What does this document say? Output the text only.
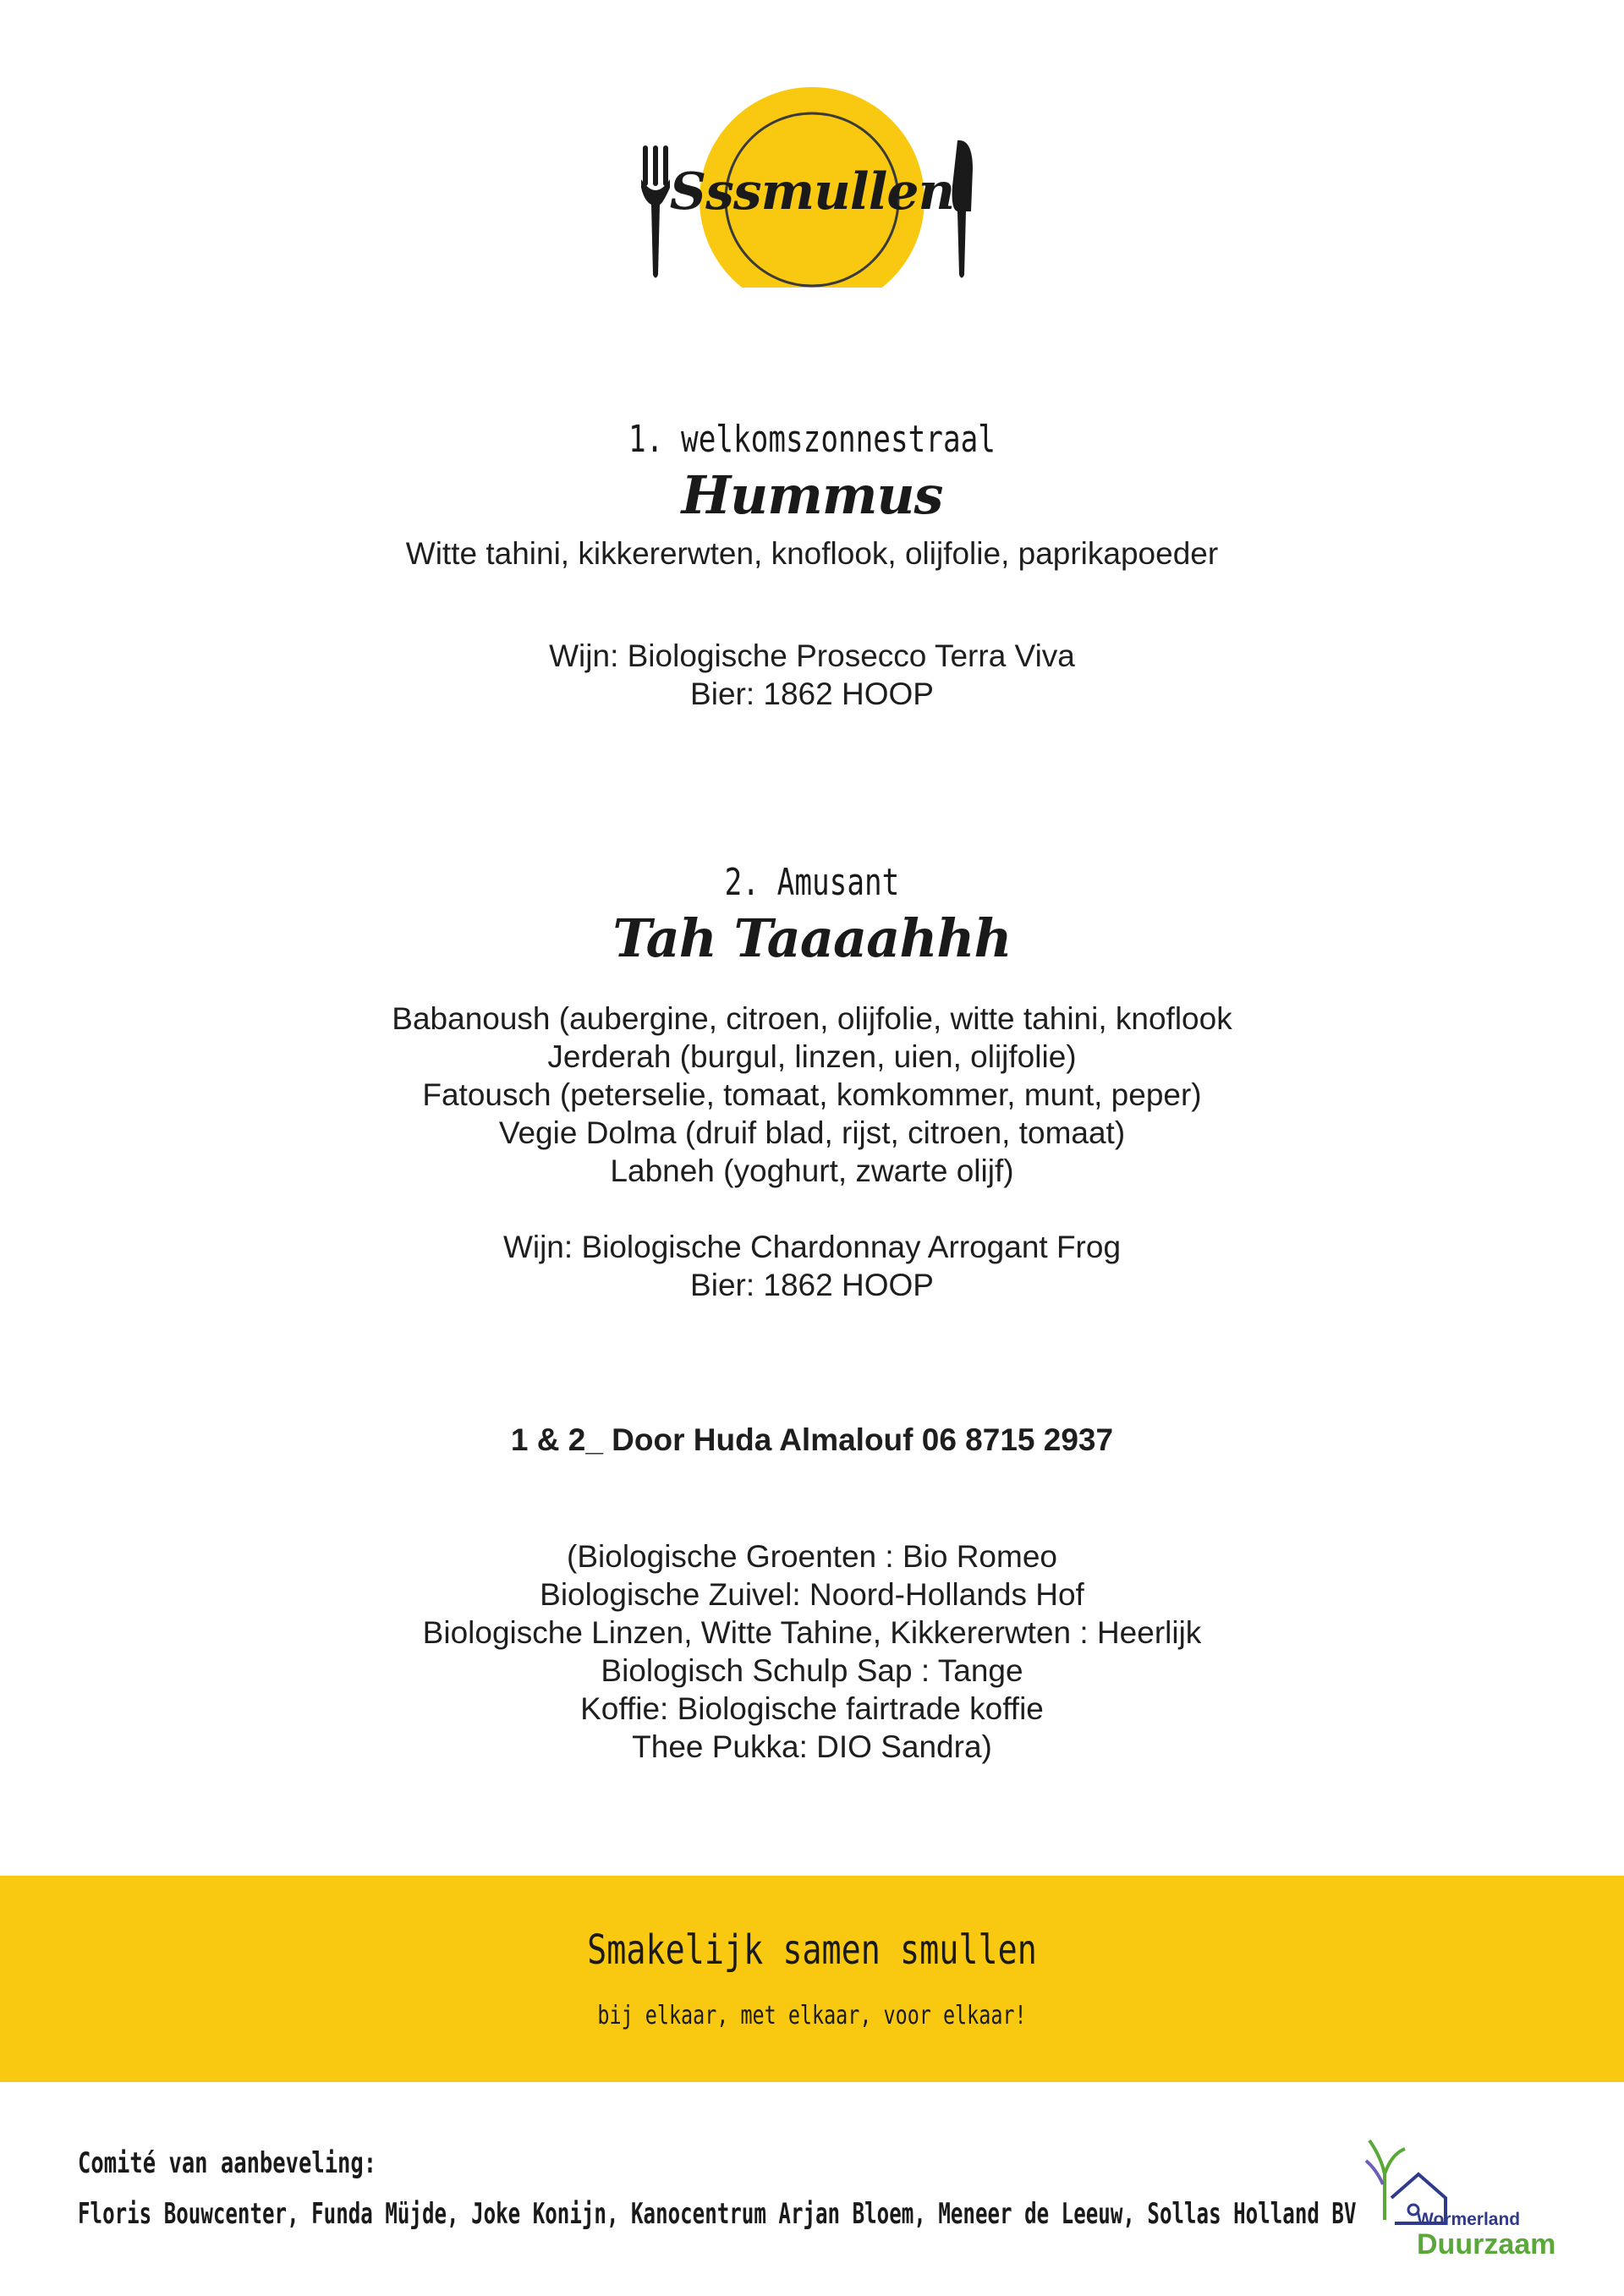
Sssmullen
1. welkomszonnestraal
Hummus
Witte tahini, kikkererwten, knoflook, olijfolie, paprikapoeder
Wijn: Biologische Prosecco Terra Viva
Bier: 1862 HOOP
2. Amusant
Tah Taaaahhh
Babanoush (aubergine, citroen, olijfolie, witte tahini, knoflook
Jerderah (burgul, linzen, uien, olijfolie)
Fatousch (peterselie, tomaat, komkommer, munt, peper)
Vegie Dolma (druif blad, rijst, citroen, tomaat)
Labneh (yoghurt, zwarte olijf)
Wijn: Biologische Chardonnay Arrogant Frog
Bier: 1862 HOOP
1 & 2_ Door Huda Almalouf 06 8715 2937
(Biologische Groenten : Bio Romeo
Biologische Zuivel: Noord-Hollands Hof
Biologische Linzen, Witte Tahine, Kikkererwten : Heerlijk
Biologisch Schulp Sap : Tange
Koffie: Biologische fairtrade koffie
Thee Pukka: DIO Sandra)
Smakelijk samen smullen
bij elkaar, met elkaar, voor elkaar!
Comité van aanbeveling:
Floris Bouwcenter, Funda Müjde, Joke Konijn, Kanocentrum Arjan Bloem, Meneer de Leeuw, Sollas Holland BV	Wormerland
Duurzaam
